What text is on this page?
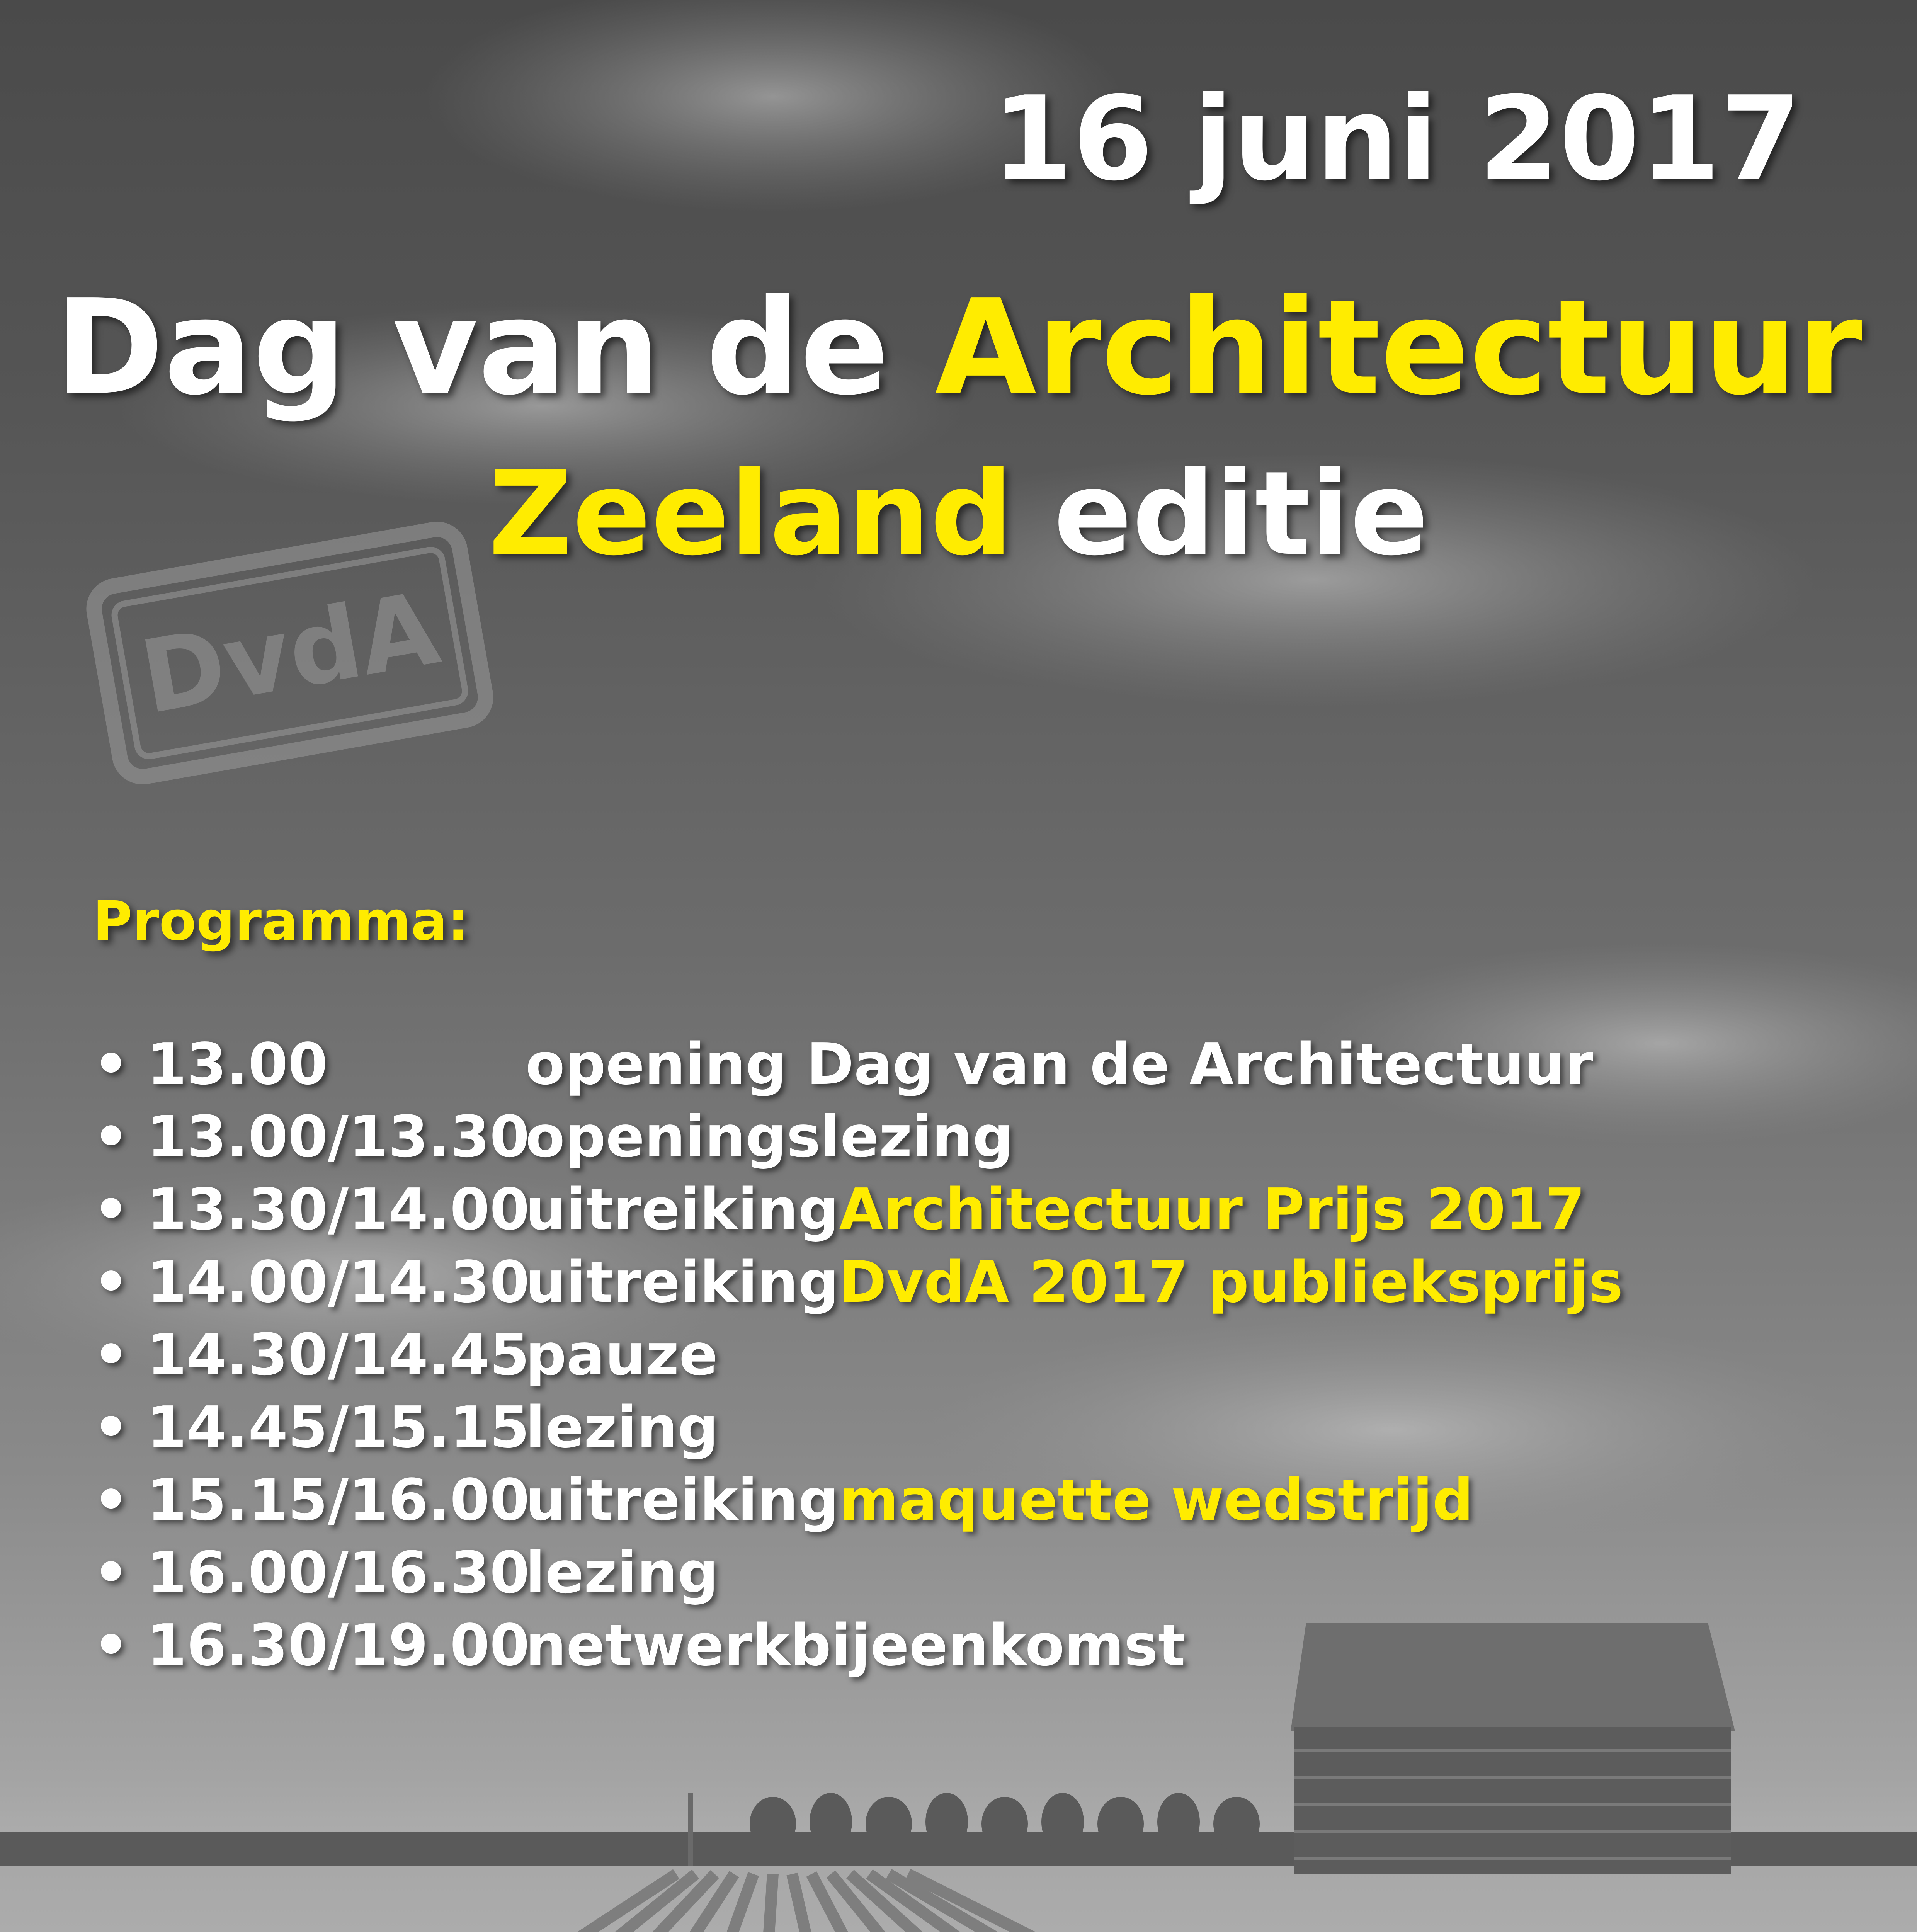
16 juni 2017
Dag van de Architectuur
Zeeland editie
DvdA
Programma:
• 13.00	opening Dag van de Architectuur
• 13.00/13.30
openingslezing
• 13.30/14.00
uitreiking Architectuur Prijs 2017
• 14.00/14.30
uitreiking DvdA 2017 publieksprijs
• 14.30/14.45
pauze
• 14.45/15.15
lezing
• 15.15/16.00
uitreiking maquette wedstrijd
• 16.00/16.30
lezing
• 16.30/19.00
netwerkbijeenkomst
